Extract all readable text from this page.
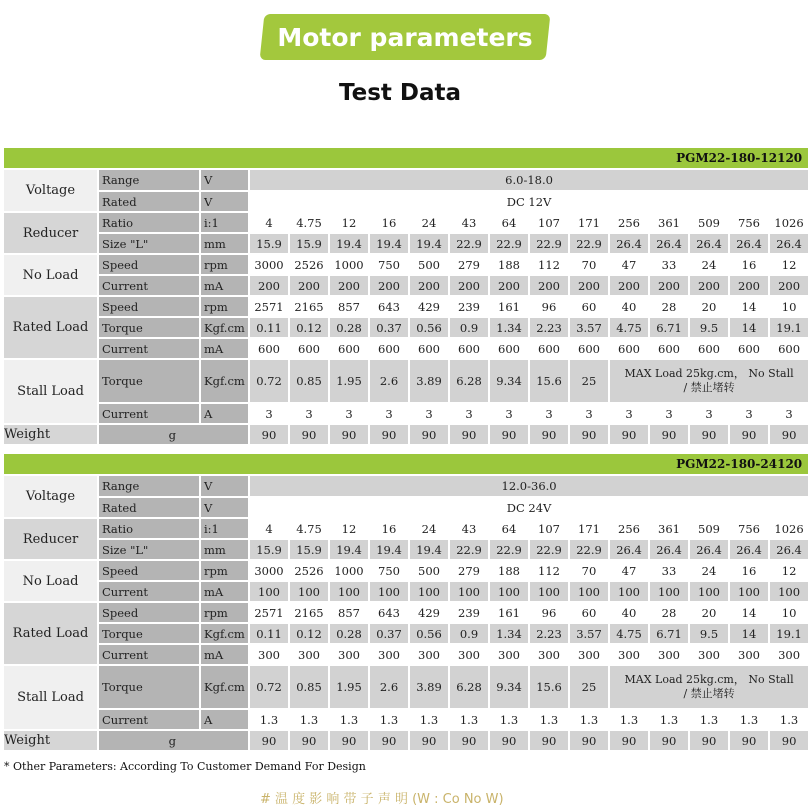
Motor parameters
Test Data
PGM22-180-12120																
Voltage	Range	V	6.0-18.0													
	Rated	V	DC 12V													
Reducer	Ratio	i:1	4	4.75	12	16	24	43	64	107	171	256	361	509	756	1026
	Size "L"	mm	15.9	15.9	19.4	19.4	19.4	22.9	22.9	22.9	22.9	26.4	26.4	26.4	26.4	26.4
No Load	Speed	rpm	3000	2526	1000	750	500	279	188	112	70	47	33	24	16	12
	Current	mA	200	200	200	200	200	200	200	200	200	200	200	200	200	200
Rated Load	Speed	rpm	2571	2165	857	643	429	239	161	96	60	40	28	20	14	10
	Torque	Kgf.cm	0.11	0.12	0.28	0.37	0.56	0.9	1.34	2.23	3.57	4.75	6.71	9.5	14	19.1
	Current	mA	600	600	600	600	600	600	600	600	600	600	600	600	600	600
Stall Load	Torque	Kgf.cm	0.72	0.85	1.95	2.6	3.89	6.28	9.34	15.6	25	MAX Load 25kg.cm， No Stall
/ 禁止堵转				

	Current	A	3	3	3	3	3	3	3	3	3	3	3	3	3	3
Weight	g		90	90	90	90	90	90	90	90	90	90	90	90	90	90
PGM22-180-24120																
Voltage	Range	V	12.0-36.0													
	Rated	V	DC 24V													
Reducer	Ratio	i:1	4	4.75	12	16	24	43	64	107	171	256	361	509	756	1026
	Size "L"	mm	15.9	15.9	19.4	19.4	19.4	22.9	22.9	22.9	22.9	26.4	26.4	26.4	26.4	26.4
No Load	Speed	rpm	3000	2526	1000	750	500	279	188	112	70	47	33	24	16	12
	Current	mA	100	100	100	100	100	100	100	100	100	100	100	100	100	100
Rated Load	Speed	rpm	2571	2165	857	643	429	239	161	96	60	40	28	20	14	10
	Torque	Kgf.cm	0.11	0.12	0.28	0.37	0.56	0.9	1.34	2.23	3.57	4.75	6.71	9.5	14	19.1
	Current	mA	300	300	300	300	300	300	300	300	300	300	300	300	300	300
Stall Load	Torque	Kgf.cm	0.72	0.85	1.95	2.6	3.89	6.28	9.34	15.6	25	MAX Load 25kg.cm， No Stall
/ 禁止堵转				

	Current	A	1.3	1.3	1.3	1.3	1.3	1.3	1.3	1.3	1.3	1.3	1.3	1.3	1.3	1.3
Weight	g		90	90	90	90	90	90	90	90	90	90	90	90	90	90
* Other Parameters: According To Customer Demand For Design
# 温 度 影 响 带 子 声 明 (W : Co No W)
